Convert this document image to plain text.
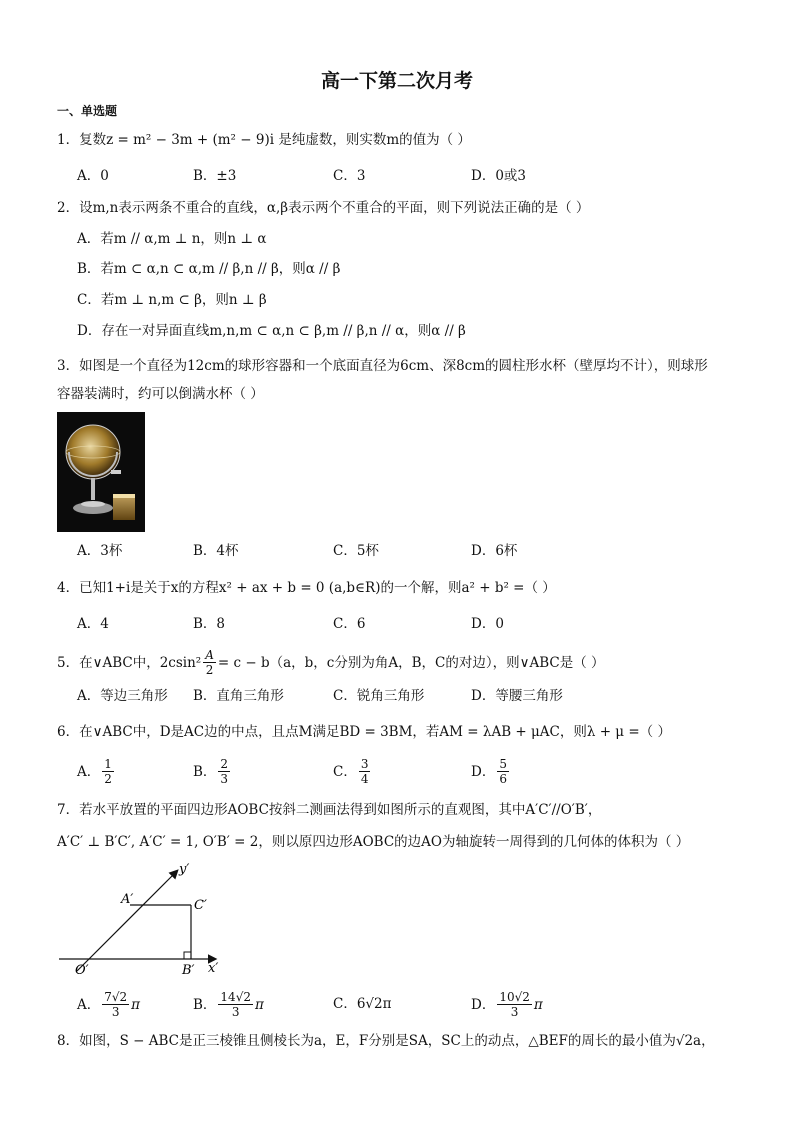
高一下第二次月考
一、单选题
1．复数z = m² − 3m + (m² − 9)i 是纯虚数，则实数m的值为（ ）
A．0	B．±3	C．3	D．0或3
2．设m,n表示两条不重合的直线，α,β表示两个不重合的平面，则下列说法正确的是（ ）
A．若m // α,m ⊥ n，则n ⊥ α
B．若m ⊂ α,n ⊂ α,m // β,n // β，则α // β
C．若m ⊥ n,m ⊂ β，则n ⊥ β
D．存在一对异面直线m,n,m ⊂ α,n ⊂ β,m // β,n // α，则α // β
3．如图是一个直径为12cm的球形容器和一个底面直径为6cm、深8cm的圆柱形水杯（壁厚均不计），则球形
容器装满时，约可以倒满水杯（ ）
A．3杯	B．4杯	C．5杯	D．6杯
4．已知1+i是关于x的方程x² + ax + b = 0 (a,b∈R)的一个解，则a² + b² =（ ）
A．4	B．8	C．6	D．0
5．在∨ABC中，$2csin^2 \frac{A}{2} = c - b(a$，b，c分别为角A，B，C的对边），则∨ABC是（ ）
A．等边三角形 B．直角三角形	C．锐角三角形	D．等腰三角形
6．在∨ABC中，D是AC边的中点，且点M满足BD = 3BM，若AM = λAB + μAC，则λ + μ =（ ）
A． $\frac{1}{2}$	B． $\frac{2}{3}$	C． $\frac{3}{4}$	D． $\frac{5}{6}$
7．若水平放置的平面四边形AOBC按斜二测画法得到如图所示的直观图，其中A′C′//O′B′，
A′C′ ⊥ B′C′, A′C′ = 1, O′B′ = 2，则以原四边形AOBC的边AO为轴旋转一周得到的几何体的体积为（ ）
y′
x′
A′	C′
O′	B′
A． $\frac{7√2}{3}$ π	B． $\frac{14√2}{3}$ π	C．6√2π	D． $\frac{10√2}{3}$ π
8．如图，S − ABC是正三棱锥且侧棱长为a，E，F分别是SA，SC上的动点，△BEF的周长的最小值为√2a，
